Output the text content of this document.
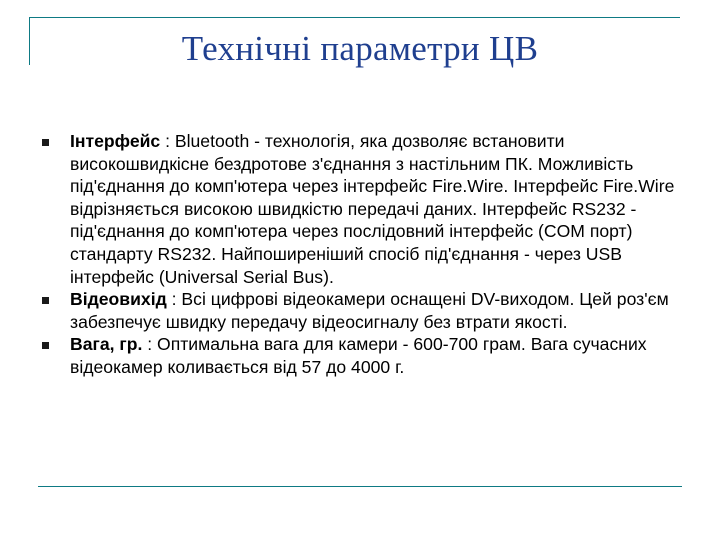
Технічні параметри ЦВ
Інтерфейс : Bluetooth - технологія, яка дозволяє встановити високошвидкісне бездротове з'єднання з настільним ПК. Можливість під'єднання до комп'ютера через інтерфейс Fire.Wire. Інтерфейс Fire.Wire відрізняється високою швидкістю передачі даних. Інтерфейс RS232 - під'єднання до комп'ютера через послідовний інтерфейс (COM порт) стандарту RS232. Найпоширеніший спосіб під'єднання - через USB інтерфейс (Universal Serial Bus).
Відеовихід : Всі цифрові відеокамери оснащені DV-виходом. Цей роз'єм забезпечує швидку передачу відеосигналу без втрати якості.
Вага, гр. : Оптимальна вага для камери - 600-700 грам. Вага сучасних відеокамер коливається від 57 до 4000 г.
